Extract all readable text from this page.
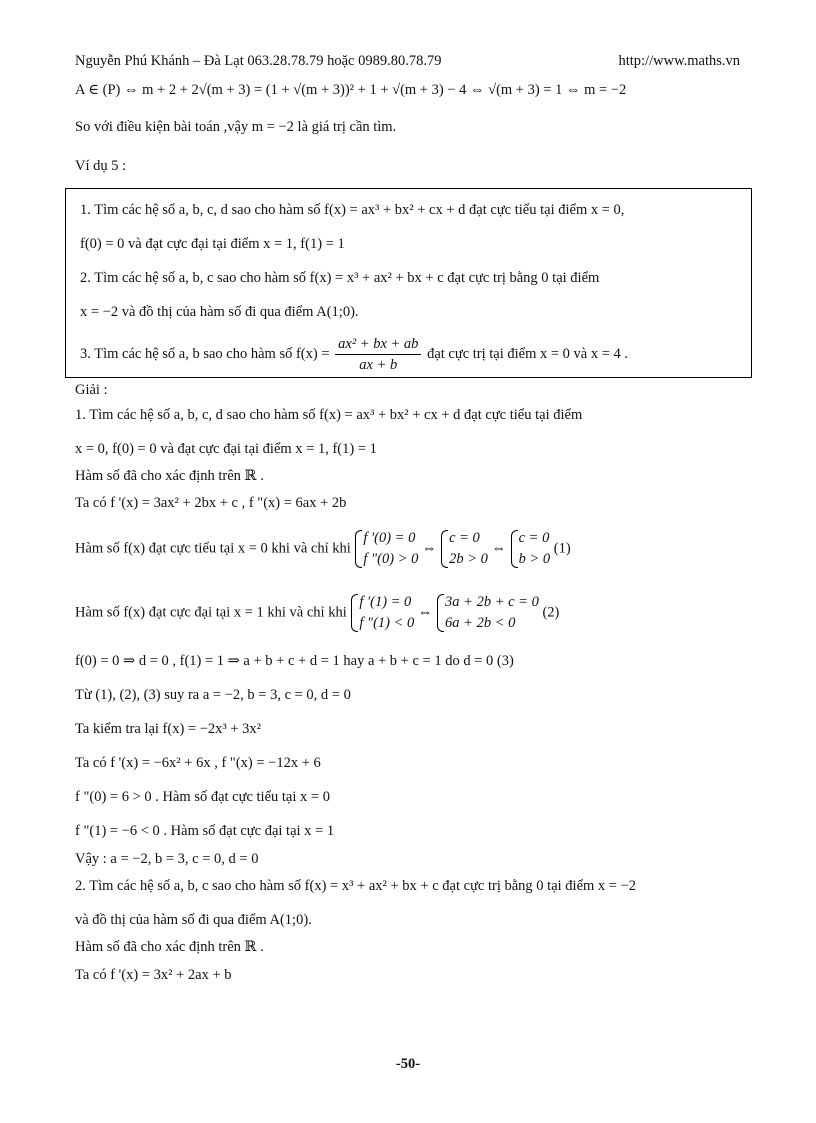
Nguyễn Phú Khánh – Đà Lạt 063.28.78.79 hoặc 0989.80.78.79	http://www.maths.vn
A ∈ (P) ⇔ m + 2 + 2√(m + 3) = (1 + √(m + 3))² + 1 + √(m + 3) − 4 ⇔ √(m + 3) = 1 ⇔ m = −2
So với điều kiện bài toán ,vậy m = −2 là giá trị cần tìm.
Ví dụ 5 :
1. Tìm các hệ số a, b, c, d sao cho hàm số f(x) = ax³ + bx² + cx + d đạt cực tiểu tại điểm x = 0,
f(0) = 0 và đạt cực đại tại điểm x = 1, f(1) = 1
2. Tìm các hệ số a, b, c sao cho hàm số f(x) = x³ + ax² + bx + c đạt cực trị bằng 0 tại điểm
x = −2 và đồ thị của hàm số đi qua điểm A(1;0).
3. Tìm các hệ số a, b sao cho hàm số $f(x) = \frac{\text{ax² + bx + ab}}{ax + b}$ đạt cực trị tại điểm x = 0 và x = 4 .
Giải :
1. Tìm các hệ số a, b, c, d sao cho hàm số f(x) = ax³ + bx² + cx + d đạt cực tiểu tại điểm
x = 0, f(0) = 0 và đạt cực đại tại điểm x = 1, f(1) = 1
Hàm số đã cho xác định trên ℝ .
Ta có f '(x) = 3ax² + 2bx + c , f "(x) = 6ax + 2b
Hàm số f(x) đạt cực tiểu tại x = 0 khi và chỉ khi
f '(0) = 0
f "(0) > 0
⇔
c = 0
2b > 0
⇔
c = 0
b > 0
(1)
Hàm số f(x) đạt cực đại tại x = 1 khi và chỉ khi
f '(1) = 0
f "(1) < 0
⇔
3a + 2b + c = 0
6a + 2b < 0
(2)
f(0) = 0 ⇒ d = 0 , f(1) = 1 ⇒ a + b + c + d = 1 hay a + b + c = 1 do d = 0 (3)
Từ (1), (2), (3) suy ra a = −2, b = 3, c = 0, d = 0
Ta kiểm tra lại f(x) = −2x³ + 3x²
Ta có f '(x) = −6x² + 6x , f "(x) = −12x + 6
f "(0) = 6 > 0 . Hàm số đạt cực tiểu tại x = 0
f "(1) = −6 < 0 . Hàm số đạt cực đại tại x = 1
Vậy : a = −2, b = 3, c = 0, d = 0
2. Tìm các hệ số a, b, c sao cho hàm số f(x) = x³ + ax² + bx + c đạt cực trị bằng 0 tại điểm x = −2
và đồ thị của hàm số đi qua điểm A(1;0).
Hàm số đã cho xác định trên ℝ .
Ta có f '(x) = 3x² + 2ax + b
-50-
